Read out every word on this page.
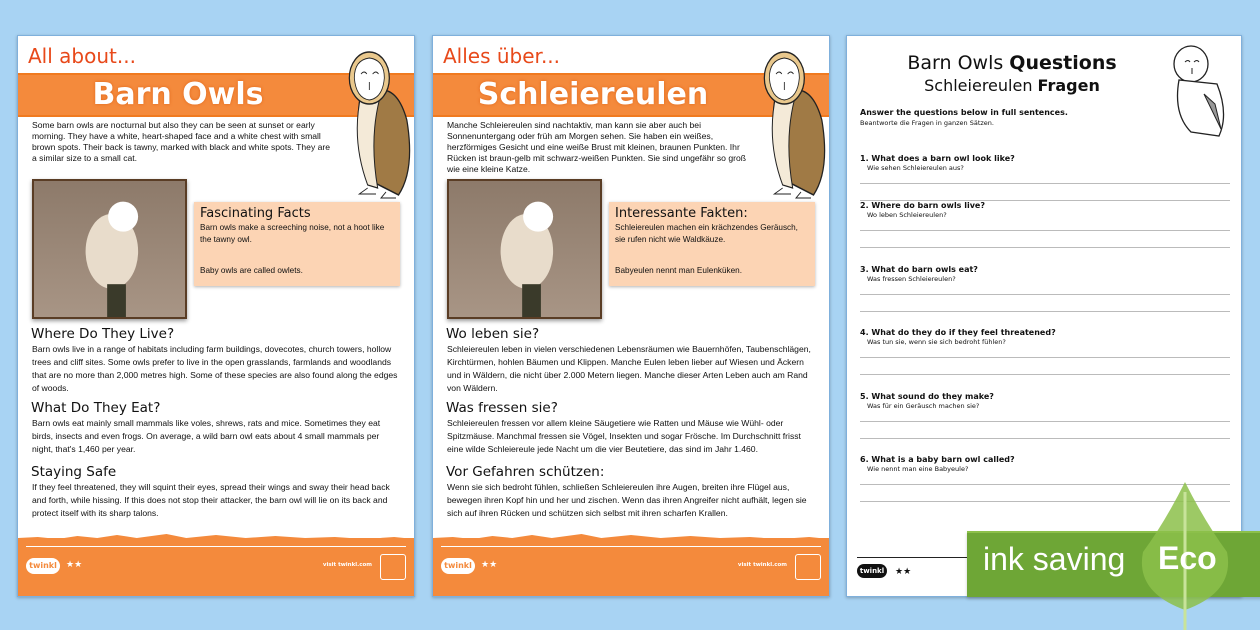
All about...
Barn Owls
Some barn owls are nocturnal but also they can be seen at sunset or early morning. They have a white, heart-shaped face and a white chest with small brown spots. Their back is tawny, marked with black and white spots. They are a similar size to a small cat.
Fascinating Facts

Barn owls make a screeching noise, not a hoot like the tawny owl.

Baby owls are called owlets.

Where Do They Live?
Barn owls live in a range of habitats including farm buildings, dovecotes, church towers, hollow trees and cliff sites. Some owls prefer to live in the open grasslands, farmlands and woodlands that are no more than 2,000 metres high. Some of these species are also found along the edges of woods.
What Do They Eat?
Barn owls eat mainly small mammals like voles, shrews, rats and mice. Sometimes they eat birds, insects and even frogs. On average, a wild barn owl eats about 4 small mammals per night, that's 1,460 per year.
Staying Safe
If they feel threatened, they will squint their eyes, spread their wings and sway their head back and forth, while hissing. If this does not stop their attacker, the barn owl will lie on its back and protect itself with its sharp talons.
twinkl	★★	visit twinkl.com
Alles über...
Schleiereulen
Manche Schleiereulen sind nachtaktiv, man kann sie aber auch bei Sonnenuntergang oder früh am Morgen sehen. Sie haben ein weißes, herzförmiges Gesicht und eine weiße Brust mit kleinen, braunen Punkten. Ihr Rücken ist braun-gelb mit schwarz-weißen Punkten. Sie sind ungefähr so groß wie eine kleine Katze.
Interessante Fakten:

Schleiereulen machen ein krächzendes Geräusch, sie rufen nicht wie Waldkäuze.

Babyeulen nennt man Eulenküken.

Wo leben sie?
Schleiereulen leben in vielen verschiedenen Lebensräumen wie Bauernhöfen, Taubenschlägen, Kirchtürmen, hohlen Bäumen und Klippen. Manche Eulen leben lieber auf Wiesen und Äckern und in Wäldern, die nicht über 2.000 Metern liegen. Manche dieser Arten Leben auch am Rand von Wäldern.
Was fressen sie?
Schleiereulen fressen vor allem kleine Säugetiere wie Ratten und Mäuse wie Wühl- oder Spitzmäuse. Manchmal fressen sie Vögel, Insekten und sogar Frösche. Im Durchschnitt frisst eine wilde Schleiereule jede Nacht um die vier Beutetiere, das sind im Jahr 1.460.
Vor Gefahren schützen:
Wenn sie sich bedroht fühlen, schließen Schleiereulen ihre Augen, breiten ihre Flügel aus, bewegen ihren Kopf hin und her und zischen. Wenn das ihren Angreifer nicht aufhält, legen sie sich auf ihren Rücken und schützen sich selbst mit ihren scharfen Krallen.
twinkl	★★	visit twinkl.com
Barn Owls Questions
Schleiereulen Fragen
Answer the questions below in full sentences.
Beantworte die Fragen in ganzen Sätzen.
1. What does a barn owl look like?
Wie sehen Schleiereulen aus?
2. Where do barn owls live?
Wo leben Schleiereulen?
3. What do barn owls eat?
Was fressen Schleiereulen?
4. What do they do if they feel threatened?
Was tun sie, wenn sie sich bedroht fühlen?
5. What sound do they make?
Was für ein Geräusch machen sie?
6. What is a baby barn owl called?
Wie nennt man eine Babyeule?
twinkl	★★ ink saving Eco
